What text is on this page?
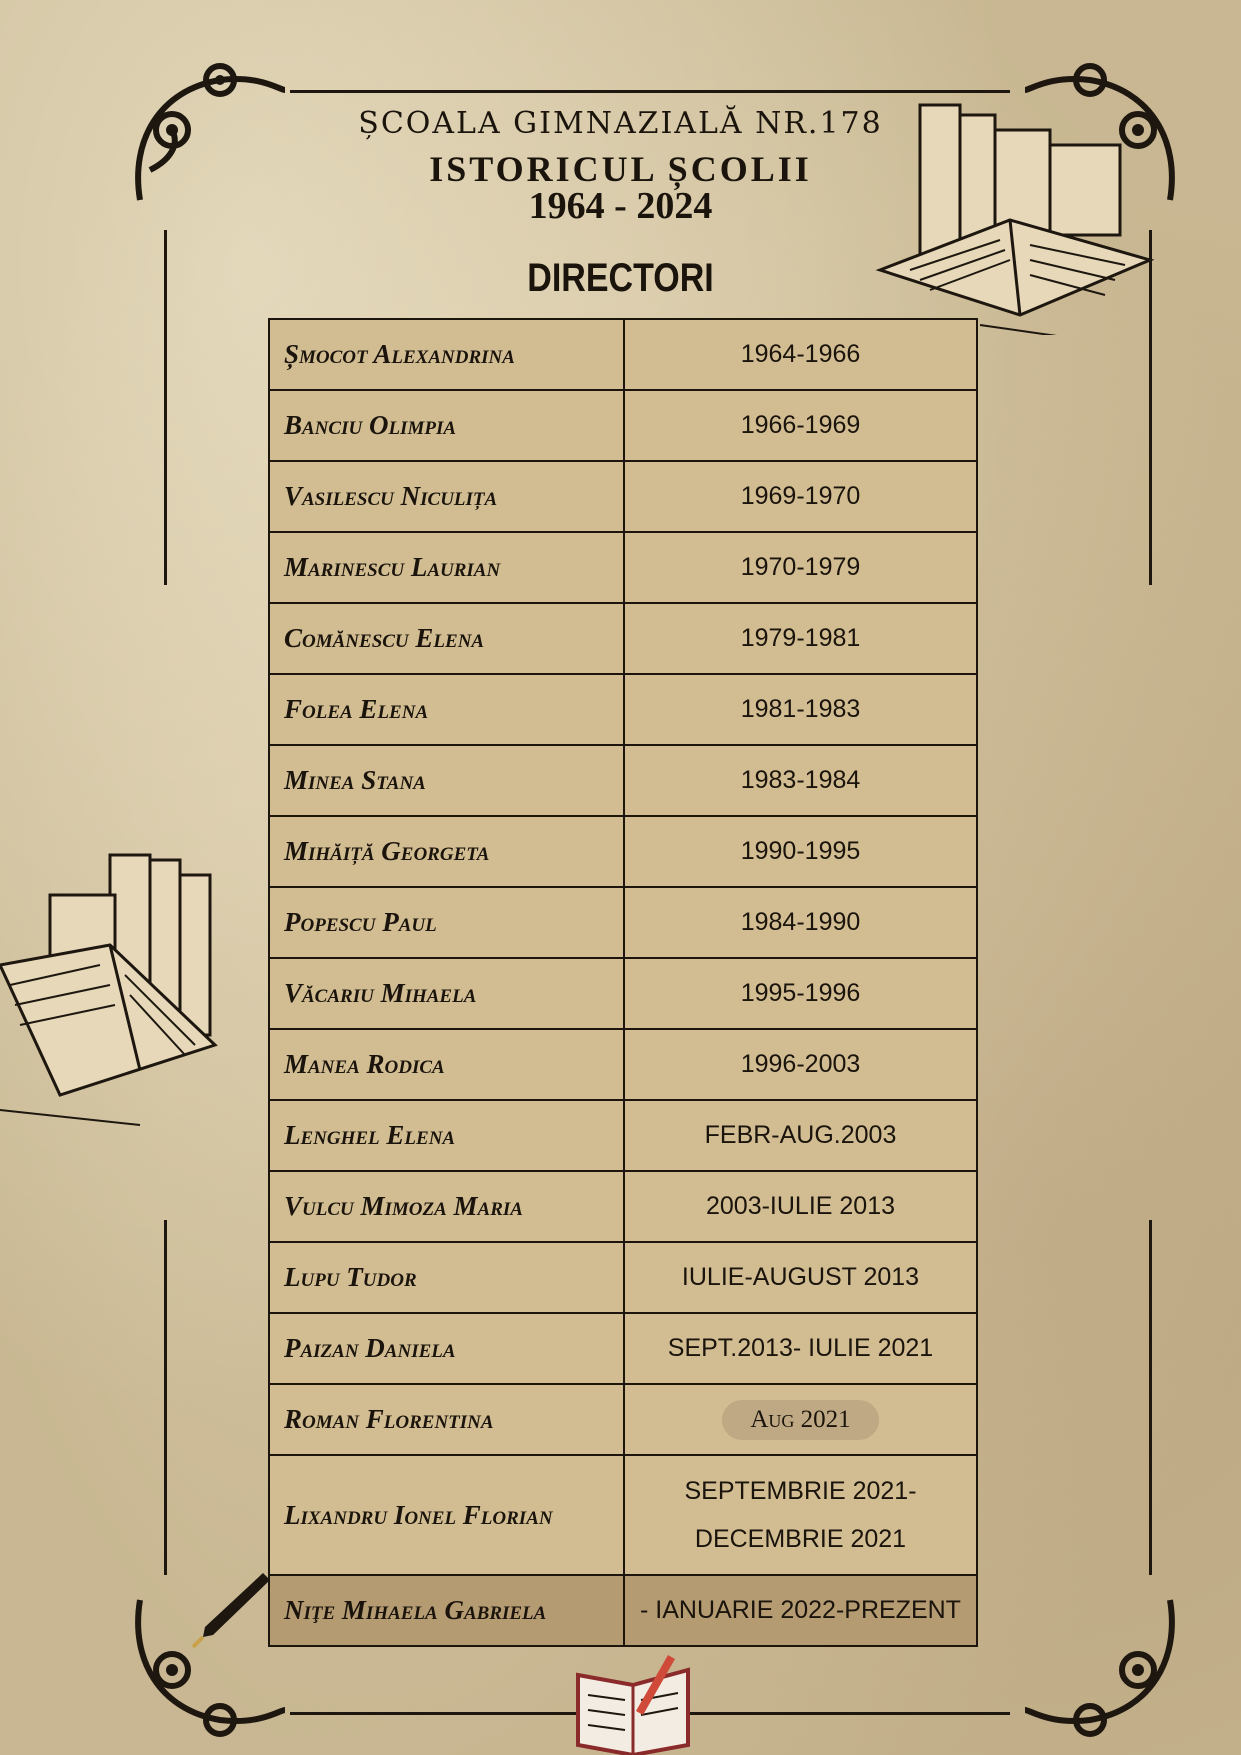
ȘCOALA GIMNAZIALĂ NR.178
ISTORICUL ȘCOLII
1964 - 2024
DIRECTORI
Șmocot Alexandrina	1964-1966
Banciu Olimpia	1966-1969
Vasilescu Niculița	1969-1970
Marinescu Laurian	1970-1979
Comănescu Elena	1979-1981
Folea Elena	1981-1983
Minea Stana	1983-1984
Mihăiță Georgeta	1990-1995
Popescu Paul	1984-1990
Văcariu Mihaela	1995-1996
Manea Rodica	1996-2003
Lenghel Elena	FEBR-AUG.2003
Vulcu Mimoza Maria	2003-IULIE 2013
Lupu Tudor	IULIE-AUGUST 2013
Paizan Daniela	SEPT.2013- IULIE 2021
Roman Florentina	Aug 2021
Lixandru Ionel Florian	SEPTEMBRIE 2021-
DECEMBRIE 2021

Niţe Mihaela Gabriela	- IANUARIE 2022-PREZENT
